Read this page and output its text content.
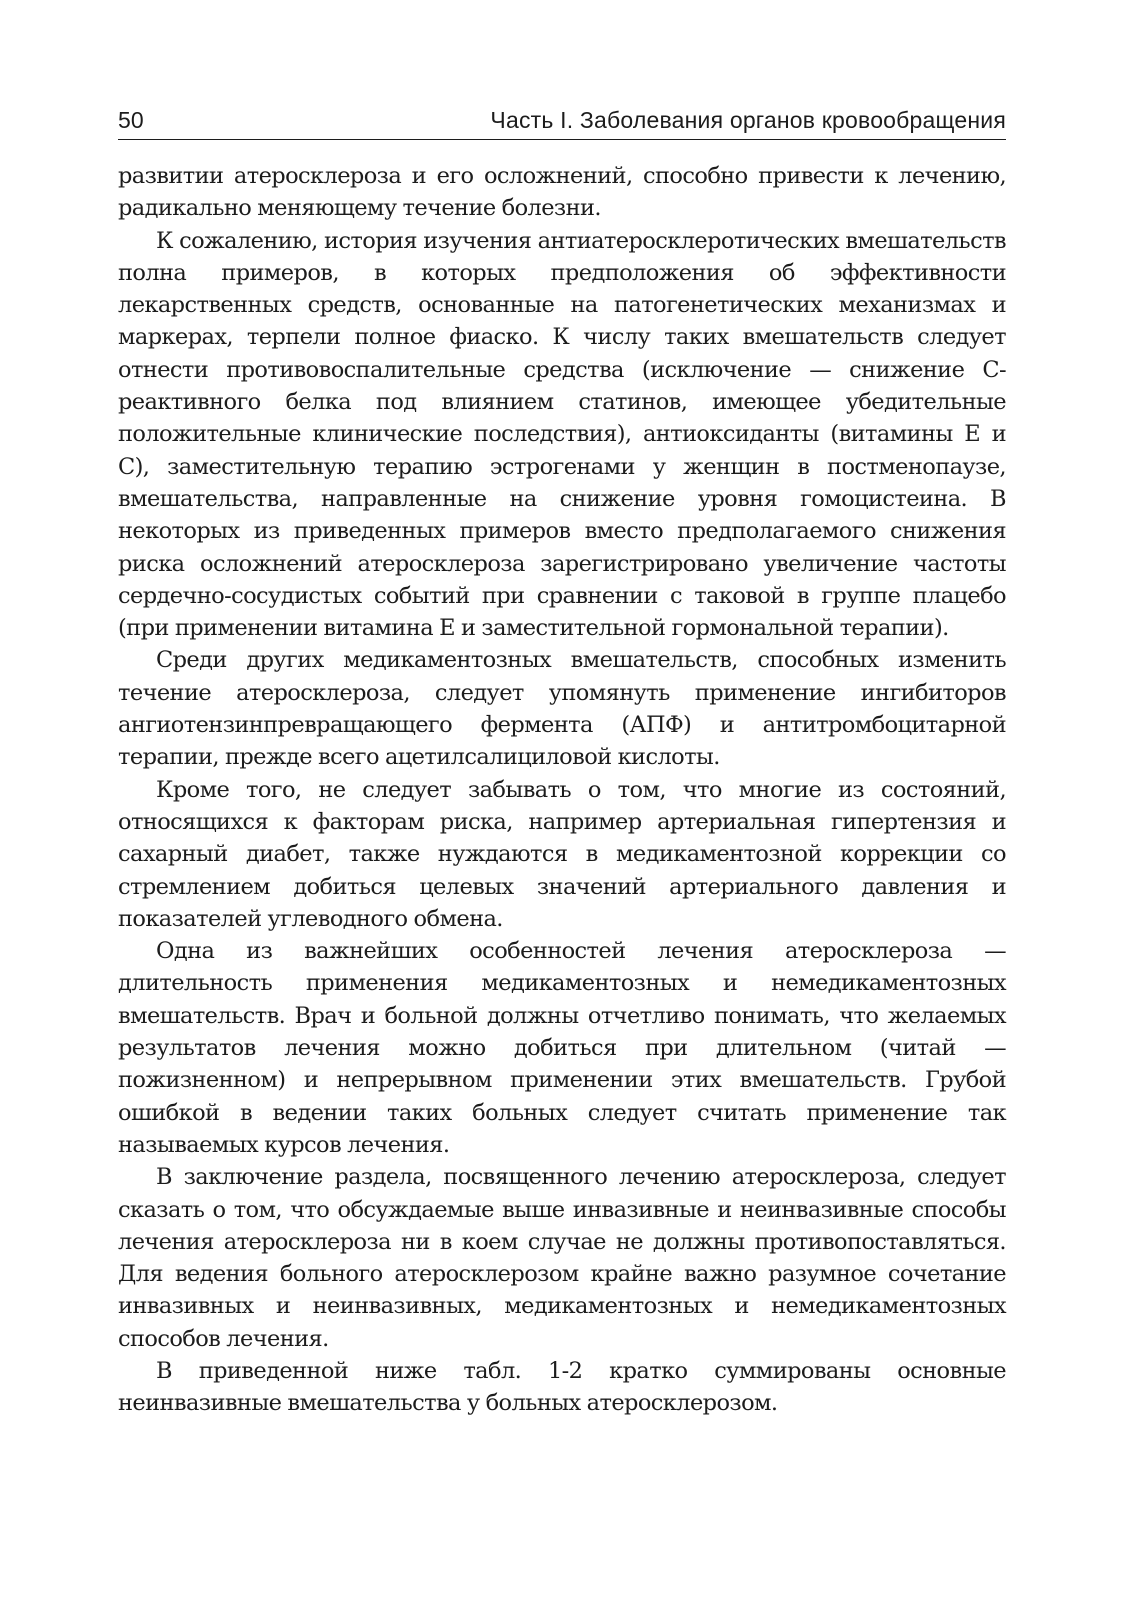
50	Часть I. Заболевания органов кровообращения

развитии атеросклероза и его осложнений, способно привести к лечению, радикально меняющему течение болезни.

К сожалению, история изучения антиатеросклеротических вмешательств полна примеров, в которых предположения об эффективности лекарственных средств, основанные на патогенетических механизмах и маркерах, терпели полное фиаско. К числу таких вмешательств следует отнести противовоспалительные средства (исключение — снижение С-реактивного белка под влиянием статинов, имеющее убедительные положительные клинические последствия), антиоксиданты (витамины Е и С), заместительную терапию эстрогенами у женщин в постменопаузе, вмешательства, направленные на снижение уровня гомоцистеина. В некоторых из приведенных примеров вместо предполагаемого снижения риска осложнений атеросклероза зарегистрировано увеличение частоты сердечно-сосудистых событий при сравнении с таковой в группе плацебо (при применении витамина Е и заместительной гормональной терапии).

Среди других медикаментозных вмешательств, способных изменить течение атеросклероза, следует упомянуть применение ингибиторов ангиотензинпревращающего фермента (АПФ) и антитромбоцитарной терапии, прежде всего ацетилсалициловой кислоты.

Кроме того, не следует забывать о том, что многие из состояний, относящихся к факторам риска, например артериальная гипертензия и сахарный диабет, также нуждаются в медикаментозной коррекции со стремлением добиться целевых значений артериального давления и показателей углеводного обмена.

Одна из важнейших особенностей лечения атеросклероза — длительность применения медикаментозных и немедикаментозных вмешательств. Врач и больной должны отчетливо понимать, что желаемых результатов лечения можно добиться при длительном (читай — пожизненном) и непрерывном применении этих вмешательств. Грубой ошибкой в ведении таких больных следует считать применение так называемых курсов лечения.

В заключение раздела, посвященного лечению атеросклероза, следует сказать о том, что обсуждаемые выше инвазивные и неинвазивные способы лечения атеросклероза ни в коем случае не должны противопоставляться. Для ведения больного атеросклерозом крайне важно разумное сочетание инвазивных и неинвазивных, медикаментозных и немедикаментозных способов лечения.

В приведенной ниже табл. 1-2 кратко суммированы основные неинвазивные вмешательства у больных атеросклерозом.
